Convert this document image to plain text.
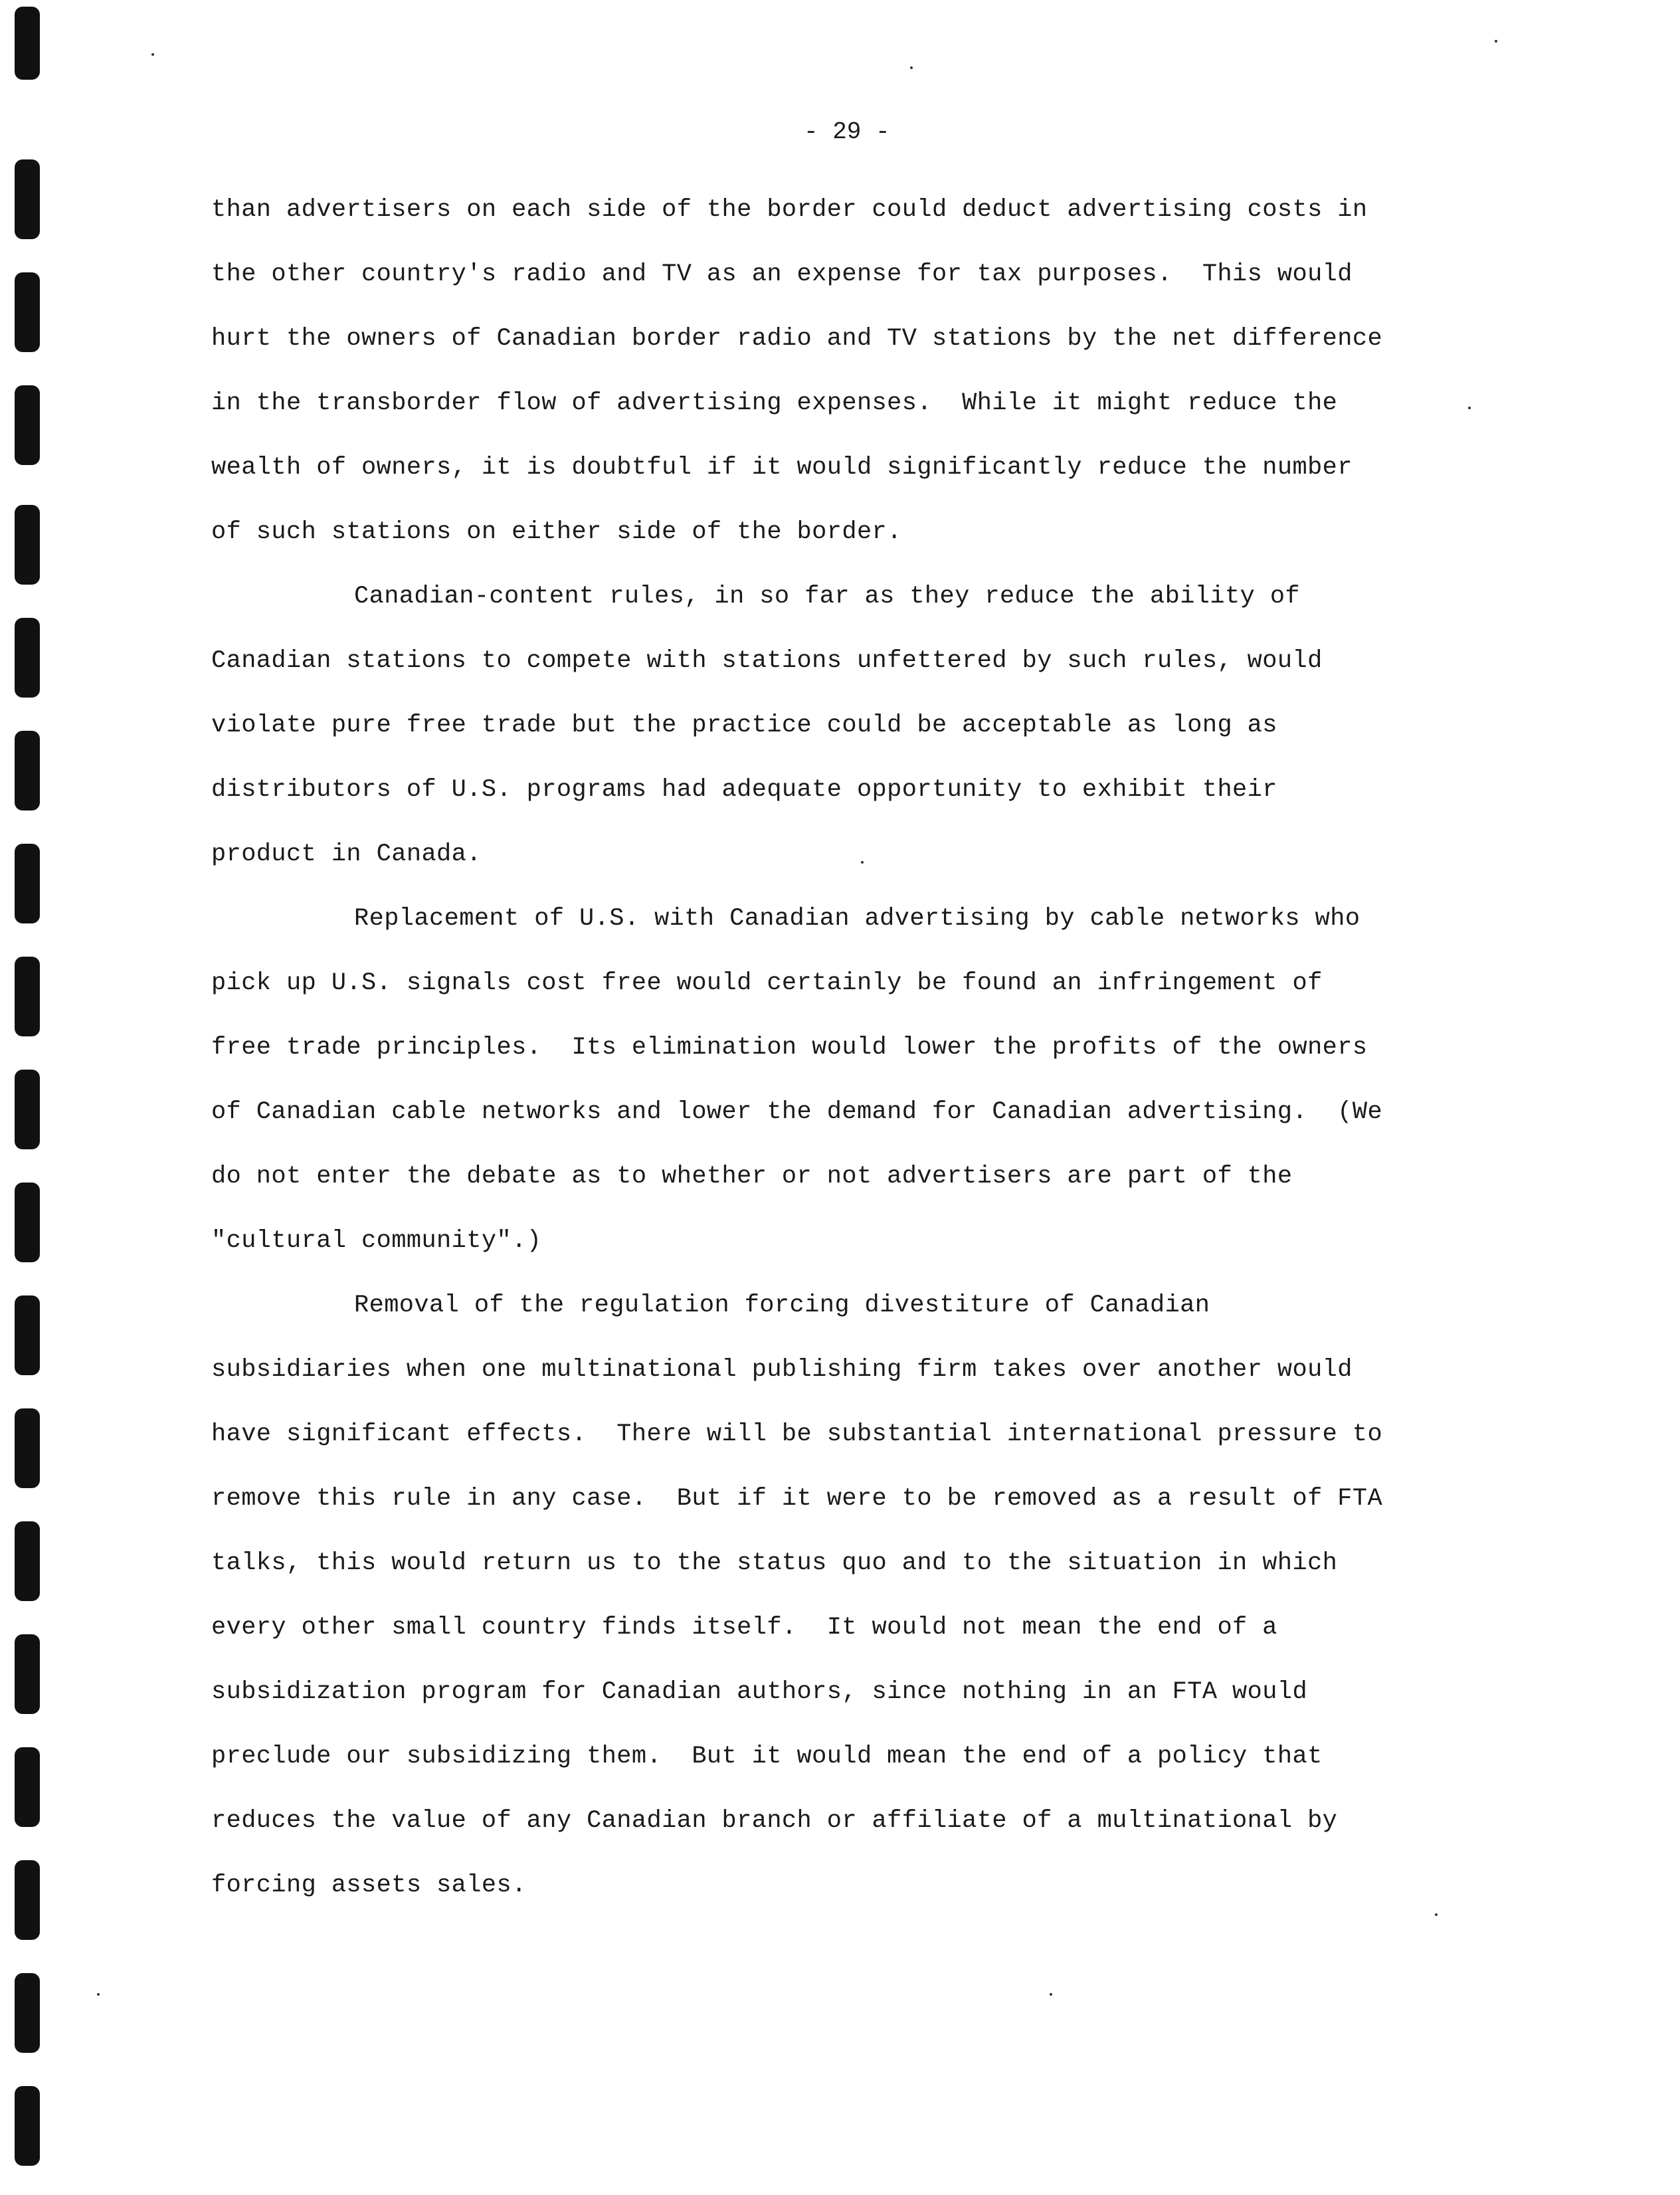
- 29 -
than advertisers on each side of the border could deduct advertising costs in
the other country's radio and TV as an expense for tax purposes.  This would
hurt the owners of Canadian border radio and TV stations by the net difference
in the transborder flow of advertising expenses.  While it might reduce the
wealth of owners, it is doubtful if it would significantly reduce the number
of such stations on either side of the border.
Canadian-content rules, in so far as they reduce the ability of
Canadian stations to compete with stations unfettered by such rules, would
violate pure free trade but the practice could be acceptable as long as
distributors of U.S. programs had adequate opportunity to exhibit their
product in Canada.
Replacement of U.S. with Canadian advertising by cable networks who
pick up U.S. signals cost free would certainly be found an infringement of
free trade principles.  Its elimination would lower the profits of the owners
of Canadian cable networks and lower the demand for Canadian advertising.  (We
do not enter the debate as to whether or not advertisers are part of the
"cultural community".)
Removal of the regulation forcing divestiture of Canadian
subsidiaries when one multinational publishing firm takes over another would
have significant effects.  There will be substantial international pressure to
remove this rule in any case.  But if it were to be removed as a result of FTA
talks, this would return us to the status quo and to the situation in which
every other small country finds itself.  It would not mean the end of a
subsidization program for Canadian authors, since nothing in an FTA would
preclude our subsidizing them.  But it would mean the end of a policy that
reduces the value of any Canadian branch or affiliate of a multinational by
forcing assets sales.
